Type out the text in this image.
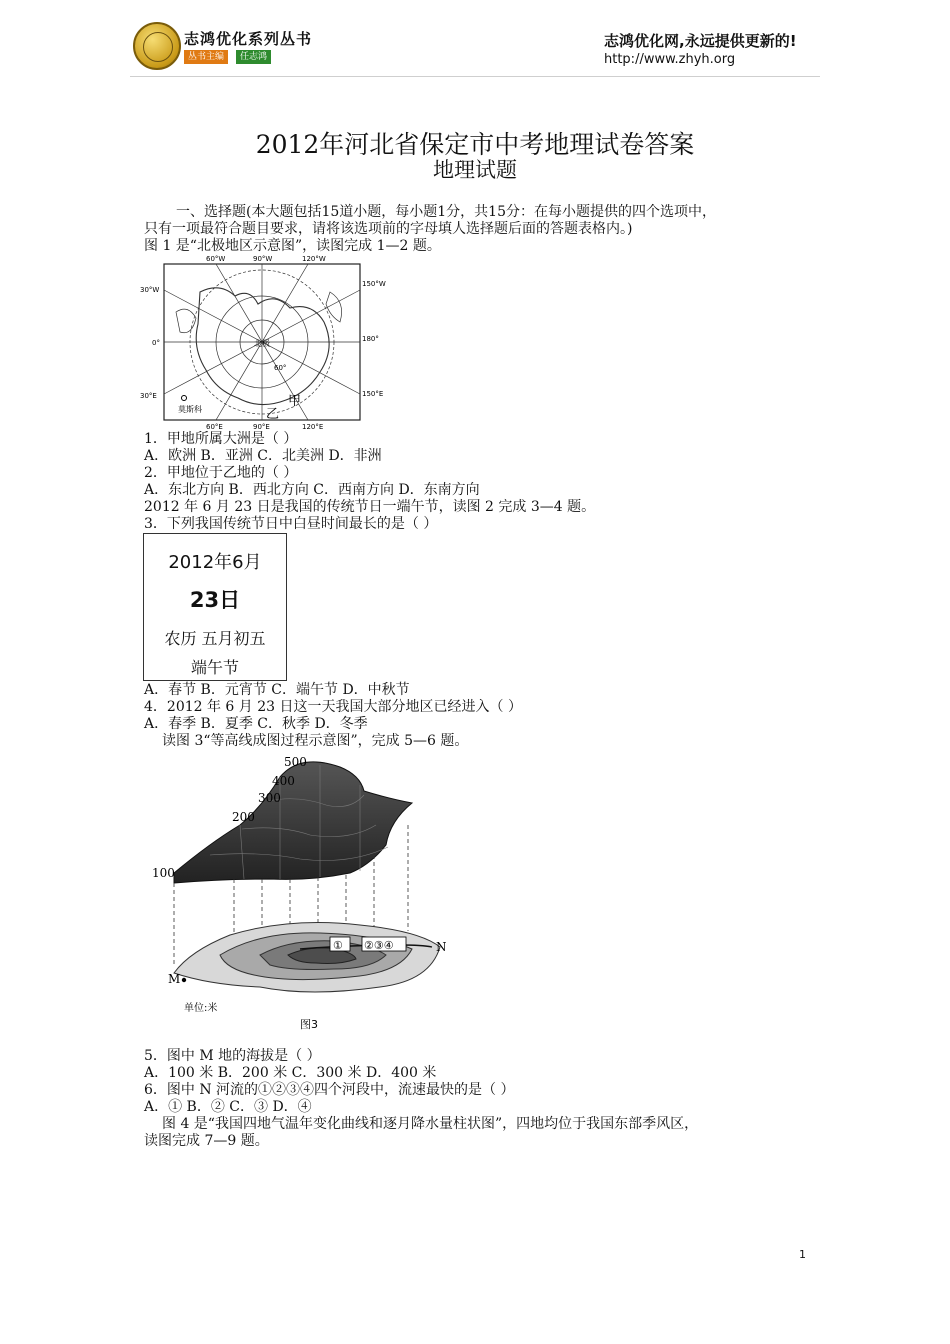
志鸿优化系列丛书
丛书主编	任志鸿
志鸿优化网,永远提供更新的!
http://www.zhyh.org
2012年河北省保定市中考地理试卷答案
地理试题
一、选择题(本大题包括15道小题，每小题1分，共15分：在每小题提供的四个选项中，
只有一项最符合题目要求，请将该选项前的字母填人选择题后面的答题表格内。)
图 1 是“北极地区示意图”，读图完成 1—2 题。
北极
60°
甲
乙
莫斯科
60°W	90°W	120°W
60°E	90°E	120°E
30°W
0°
30°E
150°W
180°
150°E
1．甲地所属大洲是（ ）
A．欧洲 B．亚洲 C．北美洲 D．非洲
2．甲地位于乙地的（ ）
A．东北方向 B．西北方向 C．西南方向 D．东南方向
2012 年 6 月 23 日是我国的传统节日一端午节，读图 2 完成 3—4 题。
3．下列我国传统节日中白昼时间最长的是（ ）
2012年6月
23日
农历 五月初五
端午节
A．春节 B．元宵节 C．端午节 D．中秋节
4．2012 年 6 月 23 日这一天我国大部分地区已经进入（ ）
A．春季 B．夏季 C．秋季 D．冬季
读图 3“等高线成图过程示意图”，完成 5—6 题。
500
400
300
200
100
M
N
① ②③④
单位:米
图3
5．图中 M 地的海拔是（ ）
A．100 米 B．200 米 C．300 米 D．400 米
6．图中 N 河流的①②③④四个河段中，流速最快的是（ ）
A．① B．② C．③ D．④
图 4 是“我国四地气温年变化曲线和逐月降水量柱状图”，四地均位于我国东部季风区，
读图完成 7—9 题。
1
